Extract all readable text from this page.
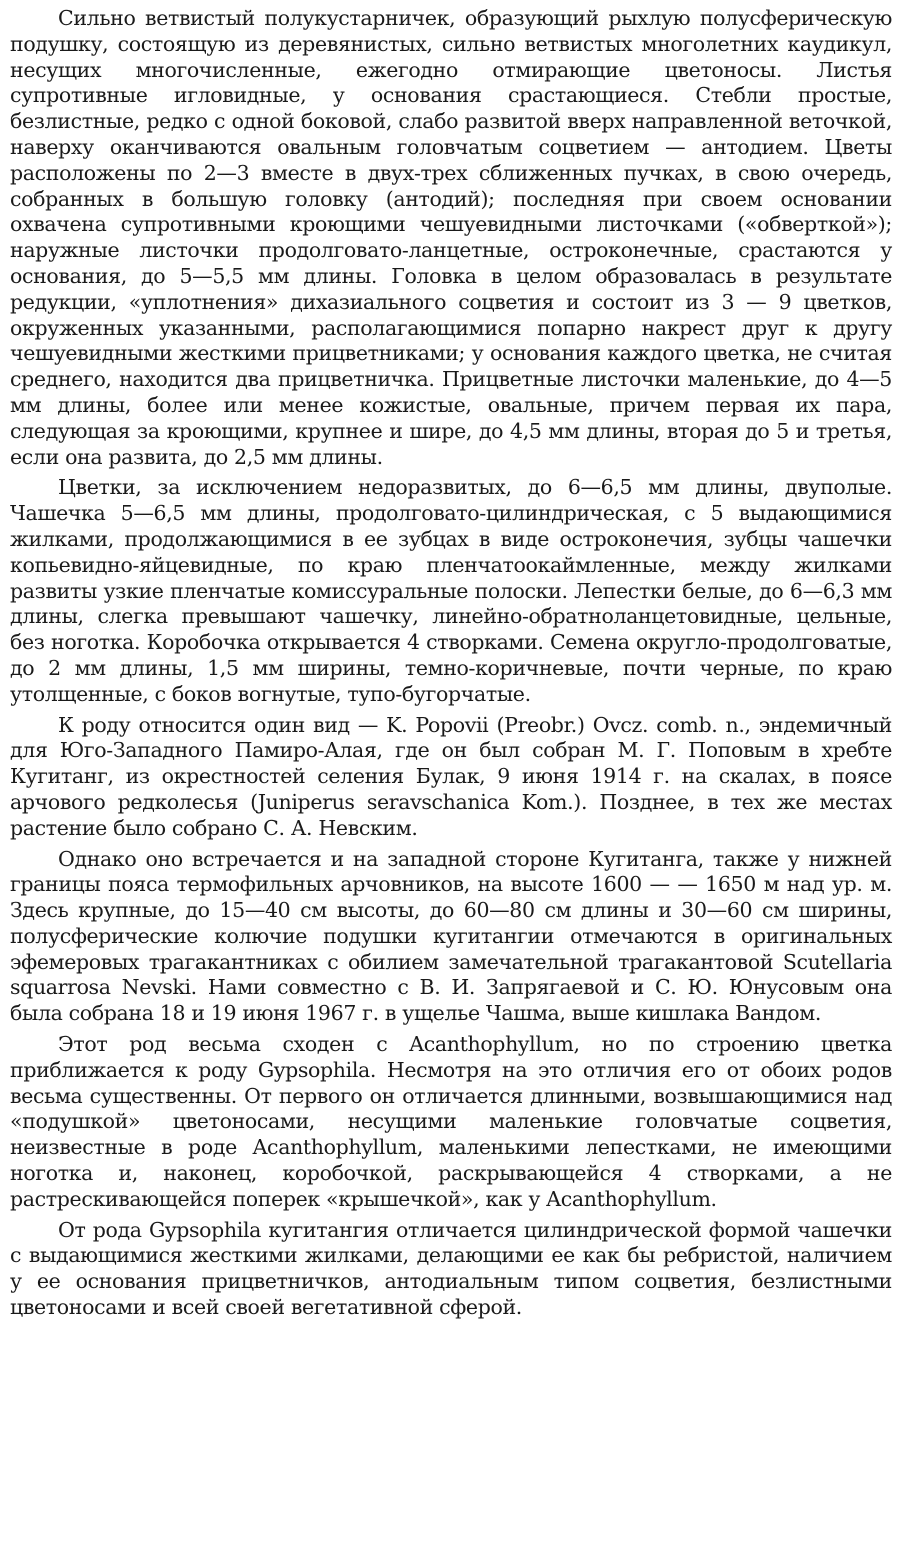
Сильно ветвистый полукустарничек, образующий рыхлую полусферическую подушку, состоящую из деревянистых, сильно ветвистых многолетних каудикул, несущих многочисленные, ежегодно отмирающие цветоносы. Листья супротивные игловидные, у основания срастающиеся. Стебли простые, безлистные, редко с одной боковой, слабо развитой вверх направленной веточкой, наверху оканчиваются овальным головчатым соцветием — антодием. Цветы расположены по 2—3 вместе в двух-трех сближенных пучках, в свою очередь, собранных в большую головку (антодий); последняя при своем основании охвачена супротивными кроющими чешуевидными листочками («обверткой»); наружные листочки продолговато-ланцетные, остроконечные, срастаются у основания, до 5—5,5 мм длины. Головка в целом образовалась в результате редукции, «уплотнения» дихазиального соцветия и состоит из 3 — 9 цветков, окруженных указанными, располагающимися попарно накрест друг к другу чешуевидными жесткими прицветниками; у основания каждого цветка, не считая среднего, находится два прицветничка. Прицветные листочки маленькие, до 4—5 мм длины, более или менее кожистые, овальные, причем первая их пара, следующая за кроющими, крупнее и шире, до 4,5 мм длины, вторая до 5 и третья, если она развита, до 2,5 мм длины.

Цветки, за исключением недоразвитых, до 6—6,5 мм длины, двуполые. Чашечка 5—6,5 мм длины, продолговато-цилиндрическая, с 5 выдающимися жилками, продолжающимися в ее зубцах в виде остроконечия, зубцы чашечки копьевидно-яйцевидные, по краю пленчатоокаймленные, между жилками развиты узкие пленчатые комиссуральные полоски. Лепестки белые, до 6—6,3 мм длины, слегка превышают чашечку, линейно-обратноланцетовидные, цельные, без ноготка. Коробочка открывается 4 створками. Семена округло-продолговатые, до 2 мм длины, 1,5 мм ширины, темно-коричневые, почти черные, по краю утолщенные, с боков вогнутые, тупо-бугорчатые.

К роду относится один вид — K. Popovii (Preobr.) Ovcz. comb. n., эндемичный для Юго-Западного Памиро-Алая, где он был собран М. Г. Поповым в хребте Кугитанг, из окрестностей селения Булак, 9 июня 1914 г. на скалах, в поясе арчового редколесья (Juniperus seravschanica Kom.). Позднее, в тех же местах растение было собрано С. А. Невским.

Однако оно встречается и на западной стороне Кугитанга, также у нижней границы пояса термофильных арчовников, на высоте 1600 — — 1650 м над ур. м. Здесь крупные, до 15—40 см высоты, до 60—80 см длины и 30—60 см ширины, полусферические колючие подушки кугитангии отмечаются в оригинальных эфемеровых трагакантниках с обилием замечательной трагакантовой Scutellaria squarrosa Nevski. Нами совместно с В. И. Запрягаевой и С. Ю. Юнусовым она была собрана 18 и 19 июня 1967 г. в ущелье Чашма, выше кишлака Вандом.

Этот род весьма сходен с Acanthophyllum, но по строению цветка приближается к роду Gypsophila. Несмотря на это отличия его от обоих родов весьма существенны. От первого он отличается длинными, возвышающимися над «подушкой» цветоносами, несущими маленькие головчатые соцветия, неизвестные в роде Acanthophyllum, маленькими лепестками, не имеющими ноготка и, наконец, коробочкой, раскрывающейся 4 створками, а не растрескивающейся поперек «крышечкой», как у Acanthophyllum.

От рода Gypsophila кугитангия отличается цилиндрической формой чашечки с выдающимися жесткими жилками, делающими ее как бы ребристой, наличием у ее основания прицветничков, антодиальным типом соцветия, безлистными цветоносами и всей своей вегетативной сферой.
